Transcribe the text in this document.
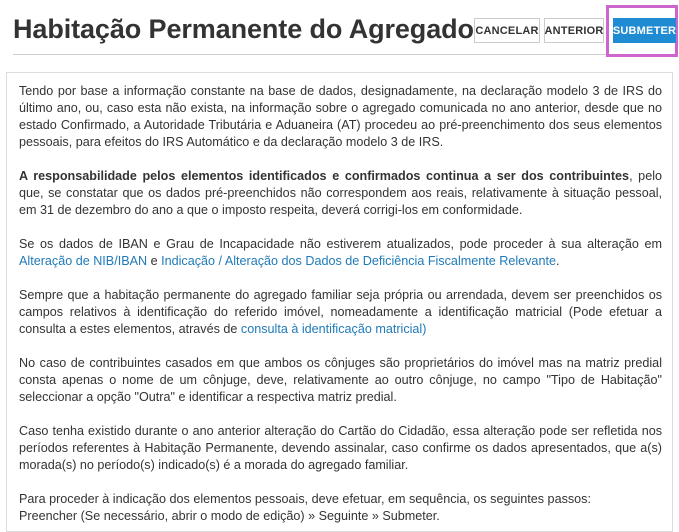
Habitação Permanente do Agregado CANCELAR ANTERIOR SUBMETER

Tendo por base a informação constante na base de dados, designadamente, na declaração modelo 3 de IRS do último ano, ou, caso esta não exista, na informação sobre o agregado comunicada no ano anterior, desde que no estado Confirmado, a Autoridade Tributária e Aduaneira (AT) procedeu ao pré-preenchimento dos seus elementos pessoais, para efeitos do IRS Automático e da declaração modelo 3 de IRS.

A responsabilidade pelos elementos identificados e confirmados continua a ser dos contribuintes, pelo que, se constatar que os dados pré-preenchidos não correspondem aos reais, relativamente à situação pessoal, em 31 de dezembro do ano a que o imposto respeita, deverá corrigi-los em conformidade.

Se os dados de IBAN e Grau de Incapacidade não estiverem atualizados, pode proceder à sua alteração em Alteração de NIB/IBAN e Indicação / Alteração dos Dados de Deficiência Fiscalmente Relevante.

Sempre que a habitação permanente do agregado familiar seja própria ou arrendada, devem ser preenchidos os campos relativos à identificação do referido imóvel, nomeadamente a identificação matricial (Pode efetuar a consulta a estes elementos, através de consulta à identificação matricial)

No caso de contribuintes casados em que ambos os cônjuges são proprietários do imóvel mas na matriz predial consta apenas o nome de um cônjuge, deve, relativamente ao outro cônjuge, no campo "Tipo de Habitação" seleccionar a opção "Outra" e identificar a respectiva matriz predial.

Caso tenha existido durante o ano anterior alteração do Cartão do Cidadão, essa alteração pode ser refletida nos períodos referentes à Habitação Permanente, devendo assinalar, caso confirme os dados apresentados, que a(s) morada(s) no período(s) indicado(s) é a morada do agregado familiar.

Para proceder à indicação dos elementos pessoais, deve efetuar, em sequência, os seguintes passos:
Preencher (Se necessário, abrir o modo de edição) » Seguinte » Submeter.
